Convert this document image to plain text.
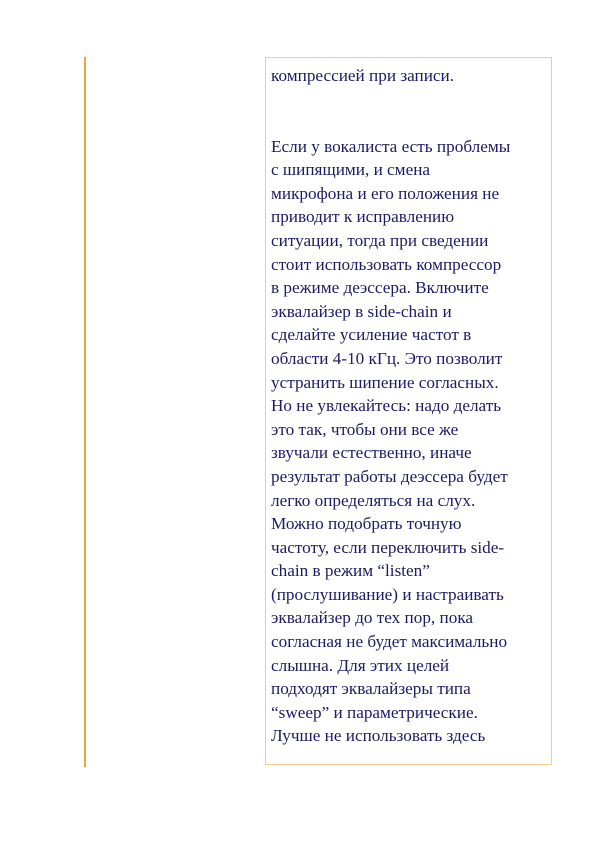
компрессией при записи.

Если у вокалиста есть проблемы
с шипящими, и смена
микрофона и его положения не
приводит к исправлению
ситуации, тогда при сведении
стоит использовать компрессор
в режиме деэссера. Включите
эквалайзер в side-chain и
сделайте усиление частот в
области 4-10 кГц. Это позволит
устранить шипение согласных.
Но не увлекайтесь: надо делать
это так, чтобы они все же
звучали естественно, иначе
результат работы деэссера будет
легко определяться на слух.
Можно подобрать точную
частоту, если переключить side-
chain в режим “listen”
(прослушивание) и настраивать
эквалайзер до тех пор, пока
согласная не будет максимально
слышна. Для этих целей
подходят эквалайзеры типа
“sweep” и параметрические.
Лучше не использовать здесь
